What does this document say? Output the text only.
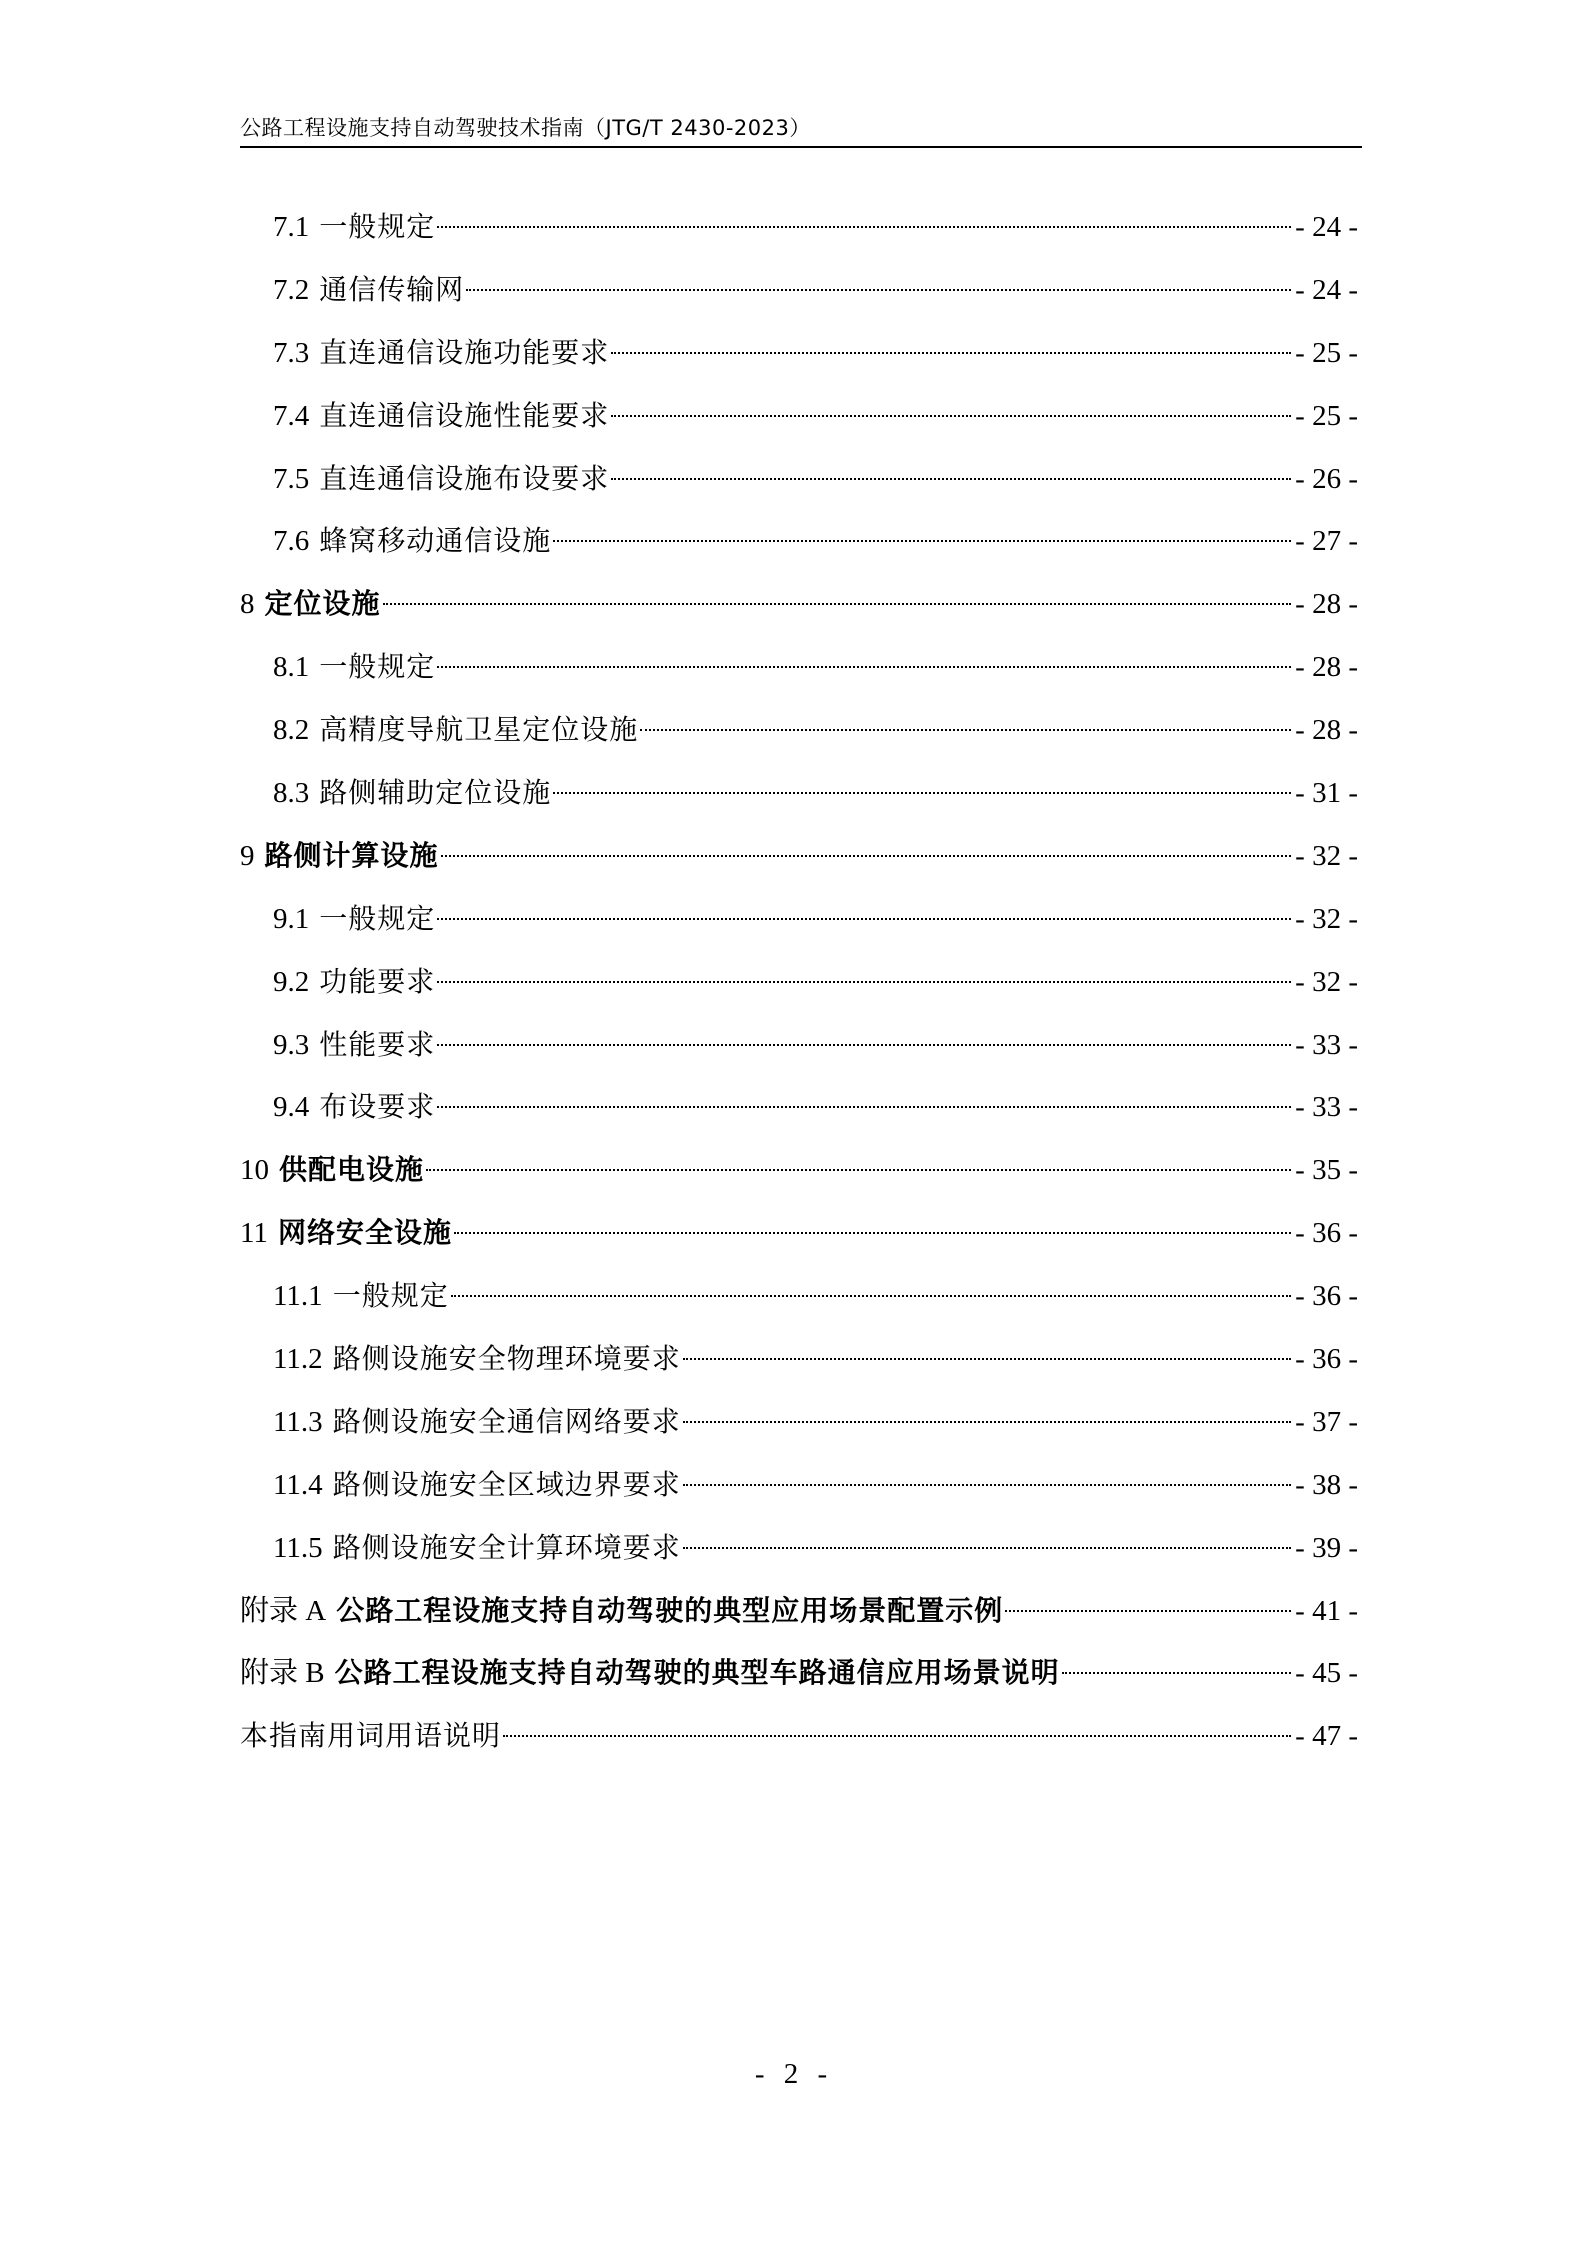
公路工程设施支持自动驾驶技术指南（JTG/T 2430-2023）
7.1 一般规定	- 24 -
7.2 通信传输网	- 24 -
7.3 直连通信设施功能要求	- 25 -
7.4 直连通信设施性能要求	- 25 -
7.5 直连通信设施布设要求	- 26 -
7.6 蜂窝移动通信设施	- 27 -
8 定位设施	- 28 -
8.1 一般规定	- 28 -
8.2 高精度导航卫星定位设施	- 28 -
8.3 路侧辅助定位设施	- 31 -
9 路侧计算设施	- 32 -
9.1 一般规定	- 32 -
9.2 功能要求	- 32 -
9.3 性能要求	- 33 -
9.4 布设要求	- 33 -
10 供配电设施	- 35 -
11 网络安全设施	- 36 -
11.1 一般规定	- 36 -
11.2 路侧设施安全物理环境要求	- 36 -
11.3 路侧设施安全通信网络要求	- 37 -
11.4 路侧设施安全区域边界要求	- 38 -
11.5 路侧设施安全计算环境要求	- 39 -
附录 A 公路工程设施支持自动驾驶的典型应用场景配置示例	- 41 -
附录 B 公路工程设施支持自动驾驶的典型车路通信应用场景说明	- 45 -
本指南用词用语说明	- 47 -
- 2 -
